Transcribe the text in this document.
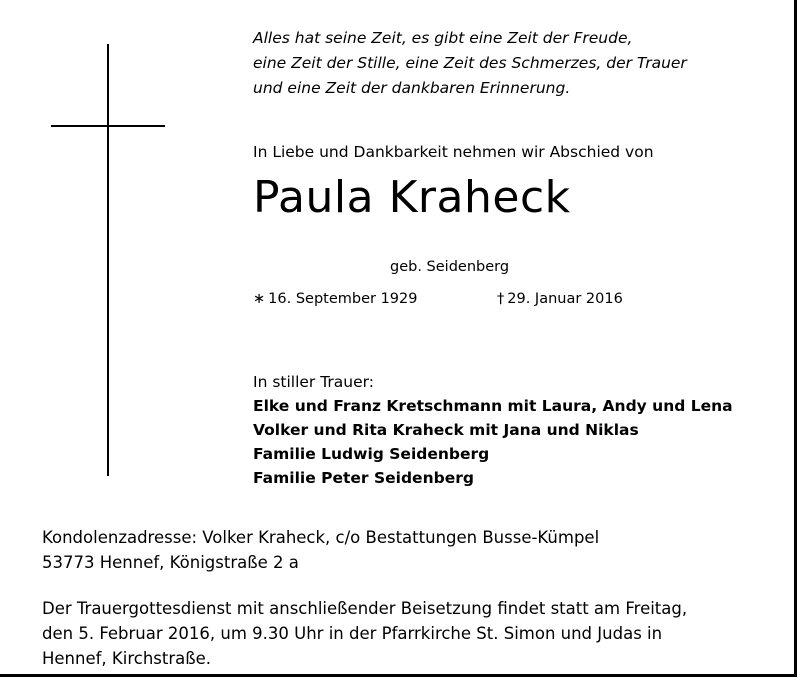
Alles hat seine Zeit, es gibt eine Zeit der Freude,
eine Zeit der Stille, eine Zeit des Schmerzes, der Trauer
und eine Zeit der dankbaren Erinnerung.
In Liebe und Dankbarkeit nehmen wir Abschied von
Paula Kraheck
geb. Seidenberg
∗ 16. September 1929	† 29. Januar 2016
In stiller Trauer:
Elke und Franz Kretschmann mit Laura, Andy und Lena
Volker und Rita Kraheck mit Jana und Niklas
Familie Ludwig Seidenberg
Familie Peter Seidenberg
Kondolenzadresse: Volker Kraheck, c/o Bestattungen Busse-Kümpel
53773 Hennef, Königstraße 2 a
Der Trauergottesdienst mit anschließender Beisetzung findet statt am Freitag,
den 5. Februar 2016, um 9.30 Uhr in der Pfarrkirche St. Simon und Judas in
Hennef, Kirchstraße.
